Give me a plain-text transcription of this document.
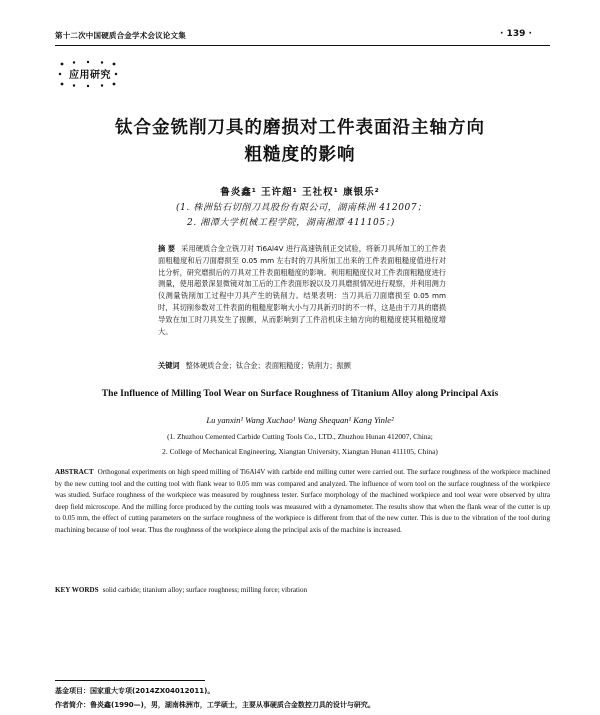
第十二次中国硬质合金学术会议论文集	· 139 ·
应用研究
钛合金铣削刀具的磨损对工件表面沿主轴方向
粗糙度的影响
鲁炎鑫¹ 王许超¹ 王社权¹ 康银乐²
(1. 株洲钻石切削刀具股份有限公司，湖南株洲 412007；
2. 湘潭大学机械工程学院，湖南湘潭 411105；)
摘 要 采用硬质合金立铣刀对 Ti6Al4V 进行高速铣削正交试验，将新刀具所加工的工件表面粗糙度和后刀面磨损至 0.05 mm 左右时的刀具所加工出来的工件表面粗糙度值进行对比分析，研究磨损后的刀具对工件表面粗糙度的影响。利用粗糙度仪对工件表面粗糙度进行测量，使用超景深显微镜对加工后的工件表面形貌以及刀具磨损情况进行观察，并利用测力仪测量铣削加工过程中刀具产生的铣削力。结果表明：当刀具后刀面磨损至 0.05 mm 时，其切削参数对工件表面的粗糙度影响大小与刀具新刃时的不一样，这是由于刀具的磨损导致在加工时刀具发生了振颤，从而影响到了工件沿机床主轴方向的粗糙度使其粗糙度增大。
关键词 整体硬质合金；钛合金；表面粗糙度；铣削力；振颤
The Influence of Milling Tool Wear on Surface Roughness of Titanium Alloy along Principal Axis
Lu yanxin¹ Wang Xuchao¹ Wang Shequan¹ Kang Yinle²
(1. Zhuzhou Cemented Carbide Cutting Tools Co., LTD., Zhuzhou Hunan 412007, China;
2. College of Mechanical Engineering, Xiangtan University, Xiangtan Hunan 411105, China)
ABSTRACT Orthogonal experiments on high speed milling of Ti6Al4V with carbide end milling cutter were carried out. The surface roughness of the workpiece machined by the new cutting tool and the cutting tool with flank wear to 0.05 mm was compared and analyzed. The influence of worn tool on the surface roughness of the workpiece was studied. Surface roughness of the workpiece was measured by roughness tester. Surface morphology of the machined workpiece and tool wear were observed by ultra deep field microscope. And the milling force produced by the cutting tools was measured with a dynamometer. The results show that when the flank wear of the cutter is up to 0.05 mm, the effect of cutting parameters on the surface roughness of the workpiece is different from that of the new cutter. This is due to the vibration of the tool during machining because of tool wear. Thus the roughness of the workpiece along the principal axis of the machine is increased.
KEY WORDS solid carbide; titanium alloy; surface roughness; milling force; vibration
基金项目：国家重大专项(2014ZX04012011)。
作者简介：鲁炎鑫(1990—)，男，湖南株洲市，工学硕士，主要从事硬质合金数控刀具的设计与研究。
